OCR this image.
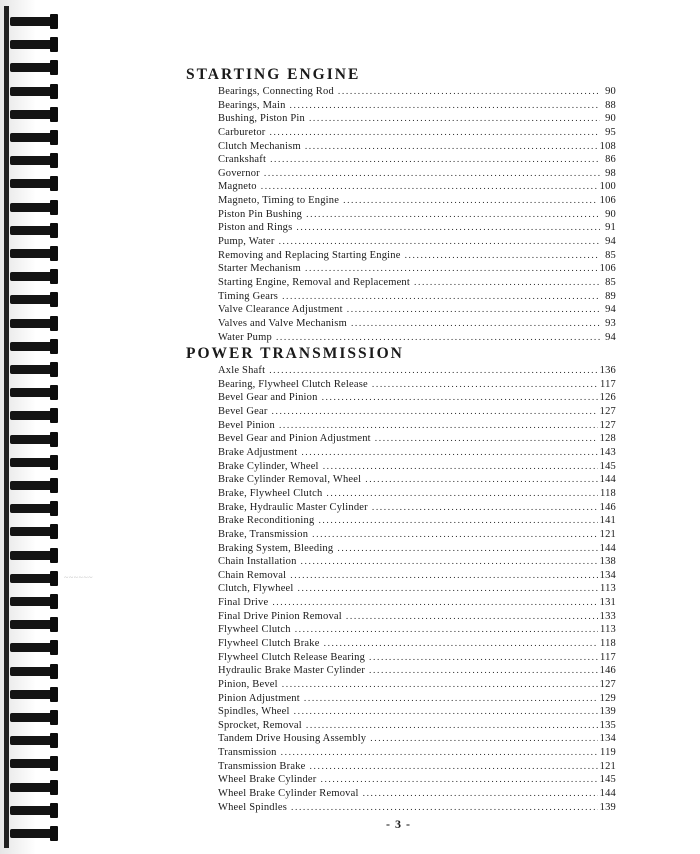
~~~~~~
STARTING ENGINE
Bearings, Connecting Rod .....	90
Bearings, Main .....	88
Bushing, Piston Pin .....	90
Carburetor .....	95
Clutch Mechanism .....	108
Crankshaft .....	86
Governor .....	98
Magneto .....	100
Magneto, Timing to Engine .....	106
Piston Pin Bushing .....	90
Piston and Rings .....	91
Pump, Water .....	94
Removing and Replacing Starting Engine .....	85
Starter Mechanism .....	106
Starting Engine, Removal and Replacement .....	85
Timing Gears .....	89
Valve Clearance Adjustment .....	94
Valves and Valve Mechanism .....	93
Water Pump .....	94
POWER TRANSMISSION
Axle Shaft .....	136
Bearing, Flywheel Clutch Release .....	117
Bevel Gear and Pinion .....	126
Bevel Gear .....	127
Bevel Pinion .....	127
Bevel Gear and Pinion Adjustment .....	128
Brake Adjustment .....	143
Brake Cylinder, Wheel .....	145
Brake Cylinder Removal, Wheel .....	144
Brake, Flywheel Clutch .....	118
Brake, Hydraulic Master Cylinder .....	146
Brake Reconditioning .....	141
Brake, Transmission .....	121
Braking System, Bleeding .....	144
Chain Installation .....	138
Chain Removal .....	134
Clutch, Flywheel .....	113
Final Drive .....	131
Final Drive Pinion Removal .....	133
Flywheel Clutch .....	113
Flywheel Clutch Brake .....	118
Flywheel Clutch Release Bearing .....	117
Hydraulic Brake Master Cylinder .....	146
Pinion, Bevel .....	127
Pinion Adjustment .....	129
Spindles, Wheel .....	139
Sprocket, Removal .....	135
Tandem Drive Housing Assembly .....	134
Transmission .....	119
Transmission Brake .....	121
Wheel Brake Cylinder .....	145
Wheel Brake Cylinder Removal .....	144
Wheel Spindles .....	139
- 3 -
